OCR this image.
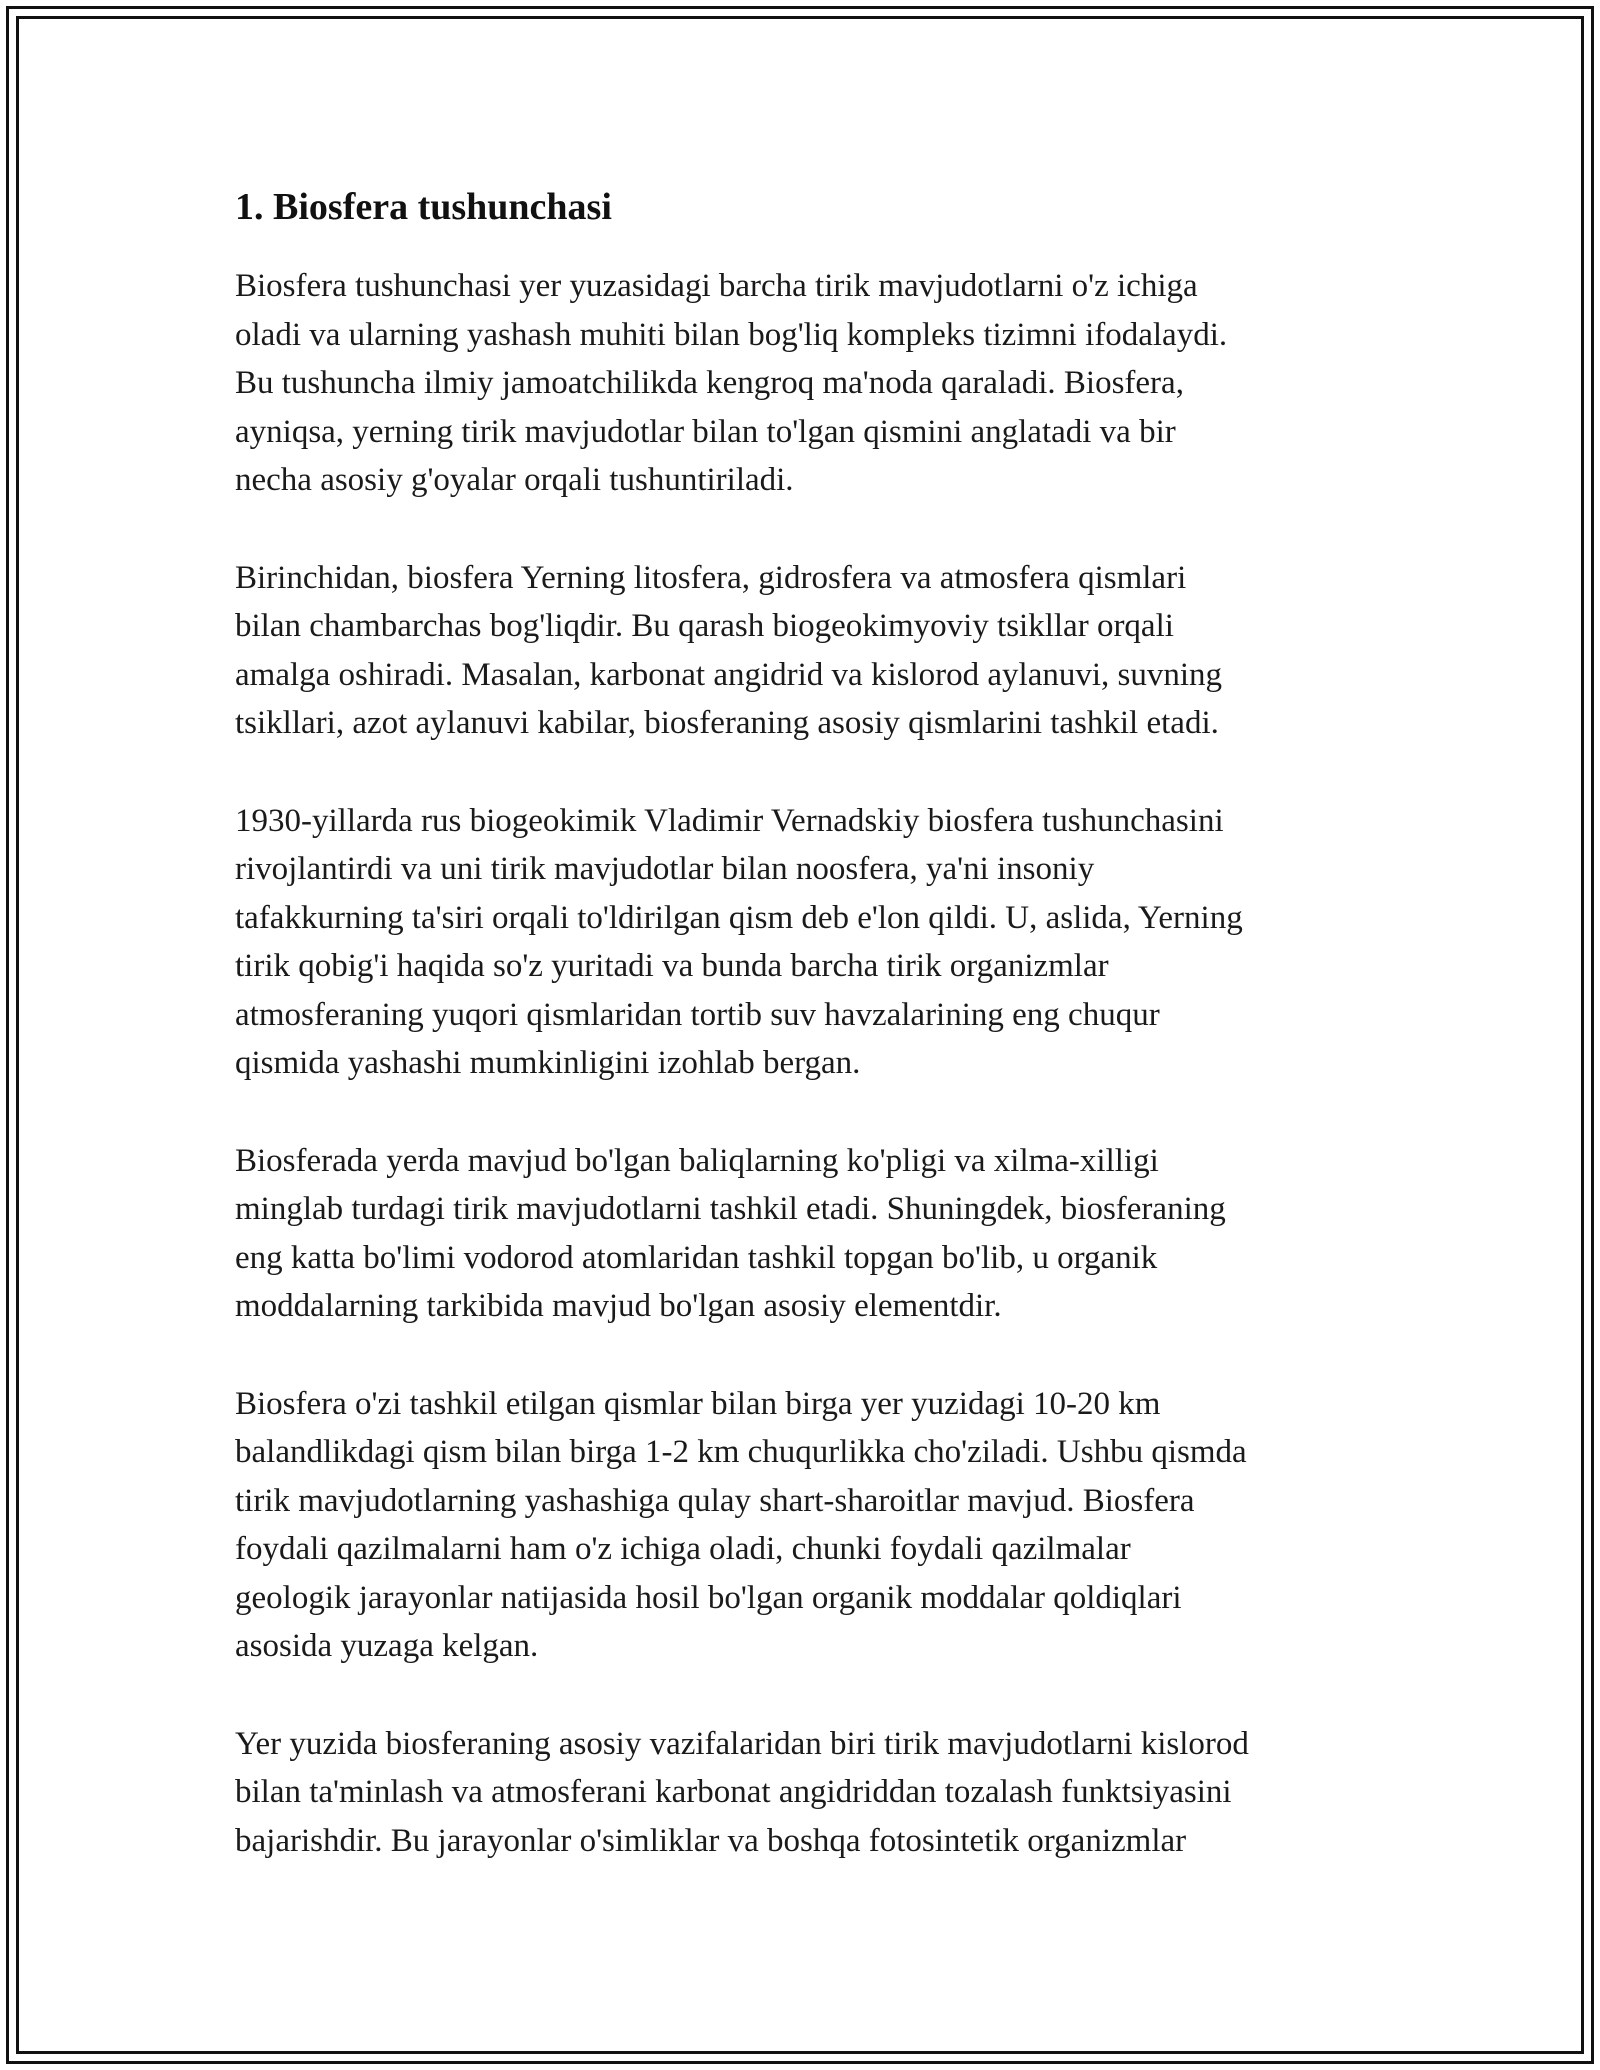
1. Biosfera tushunchasi

Biosfera tushunchasi yer yuzasidagi barcha tirik mavjudotlarni o'z ichiga
oladi va ularning yashash muhiti bilan bog'liq kompleks tizimni ifodalaydi.
Bu tushuncha ilmiy jamoatchilikda kengroq ma'noda qaraladi. Biosfera,
ayniqsa, yerning tirik mavjudotlar bilan to'lgan qismini anglatadi va bir
necha asosiy g'oyalar orqali tushuntiriladi.

Birinchidan, biosfera Yerning litosfera, gidrosfera va atmosfera qismlari
bilan chambarchas bog'liqdir. Bu qarash biogeokimyoviy tsikllar orqali
amalga oshiradi. Masalan, karbonat angidrid va kislorod aylanuvi, suvning
tsikllari, azot aylanuvi kabilar, biosferaning asosiy qismlarini tashkil etadi.

1930-yillarda rus biogeokimik Vladimir Vernadskiy biosfera tushunchasini
rivojlantirdi va uni tirik mavjudotlar bilan noosfera, ya'ni insoniy
tafakkurning ta'siri orqali to'ldirilgan qism deb e'lon qildi. U, aslida, Yerning
tirik qobig'i haqida so'z yuritadi va bunda barcha tirik organizmlar
atmosferaning yuqori qismlaridan tortib suv havzalarining eng chuqur
qismida yashashi mumkinligini izohlab bergan.

Biosferada yerda mavjud bo'lgan baliqlarning ko'pligi va xilma-xilligi
minglab turdagi tirik mavjudotlarni tashkil etadi. Shuningdek, biosferaning
eng katta bo'limi vodorod atomlaridan tashkil topgan bo'lib, u organik
moddalarning tarkibida mavjud bo'lgan asosiy elementdir.

Biosfera o'zi tashkil etilgan qismlar bilan birga yer yuzidagi 10-20 km
balandlikdagi qism bilan birga 1-2 km chuqurlikka cho'ziladi. Ushbu qismda
tirik mavjudotlarning yashashiga qulay shart-sharoitlar mavjud. Biosfera
foydali qazilmalarni ham o'z ichiga oladi, chunki foydali qazilmalar
geologik jarayonlar natijasida hosil bo'lgan organik moddalar qoldiqlari
asosida yuzaga kelgan.

Yer yuzida biosferaning asosiy vazifalaridan biri tirik mavjudotlarni kislorod
bilan ta'minlash va atmosferani karbonat angidriddan tozalash funktsiyasini
bajarishdir. Bu jarayonlar o'simliklar va boshqa fotosintetik organizmlar
